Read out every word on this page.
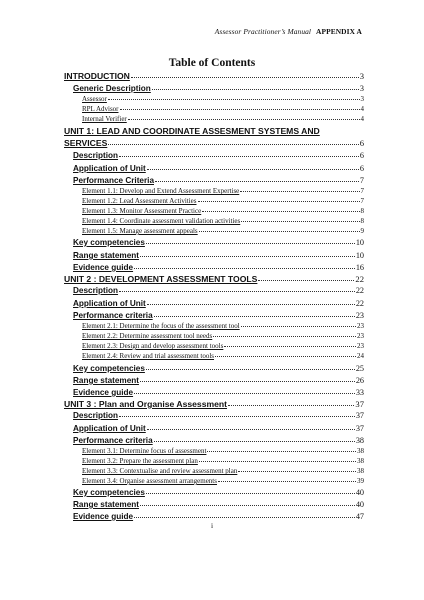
Assessor Practitioner’s Manual APPENDIX A
Table of Contents
INTRODUCTION	3
Generic Description	3
Assessor	3
RPL Advisor	4
Internal Verifier	4
UNIT 1: LEAD AND COORDINATE ASSESMENT SYSTEMS AND
SERVICES	6
Description	6
Application of Unit	6
Performance Criteria	7
Element 1.1: Develop and Extend Assessment Expertise	7
Element 1.2: Lead Assessment Activities	7
Element 1.3: Monitor Assessment Practice	8
Element 1.4: Coordinate assessment validation activities	8
Element 1.5: Manage assessment appeals	9
Key competencies	10
Range statement	10
Evidence guide	16
UNIT 2 : DEVELOPMENT ASSESSMENT TOOLS	22
Description	22
Application of Unit	22
Performance criteria	23
Element 2.1: Determine the focus of the assessment tool	23
Element 2.2: Determine assessment tool needs	23
Element 2.3: Design and develop assessment tools	23
Element 2.4: Review and trial assessment tools	24
Key competencies	25
Range statement	26
Evidence guide	33
UNIT 3 : Plan and Organise Assessment	37
Description	37
Application of Unit	37
Performance criteria	38
Element 3.1: Determine focus of assessment	38
Element 3.2: Prepare the assessment plan	38
Element 3.3: Contextualise and review assessment plan	38
Element 3.4: Organise assessment arrangements	39
Key competencies	40
Range statement	40
Evidence guide	47
i
